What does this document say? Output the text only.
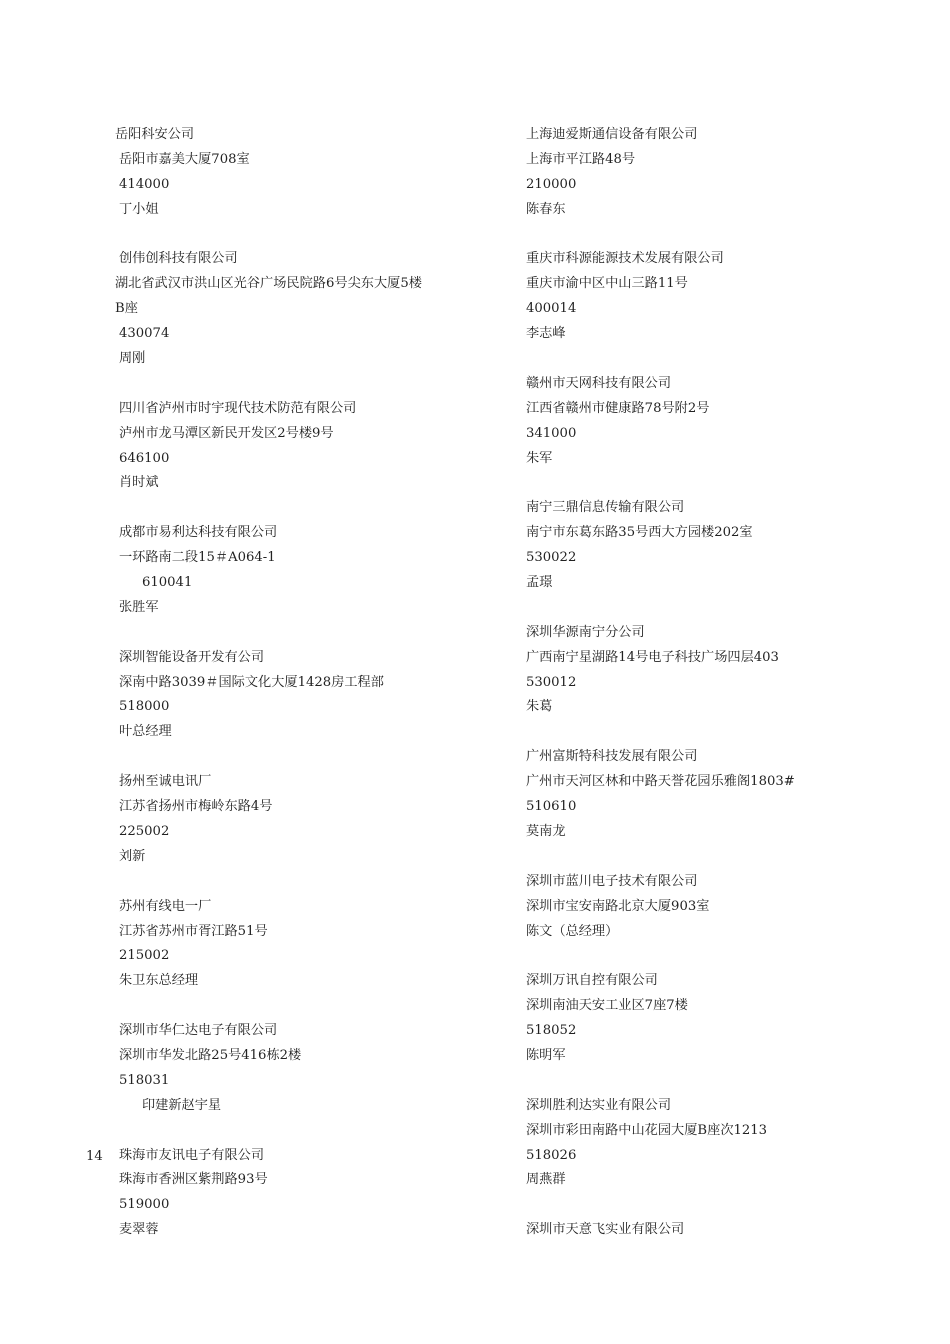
岳阳科安公司
岳阳市嘉美大厦708室
414000
丁小姐
创伟创科技有限公司
湖北省武汉市洪山区光谷广场民院路6号尖东大厦5楼
B座
430074
周刚
四川省泸州市时宇现代技术防范有限公司
泸州市龙马潭区新民开发区2号楼9号
646100
肖时斌
成都市易利达科技有限公司
一环路南二段15＃A064-1
610041
张胜军
深圳智能设备开发有公司
深南中路3039＃国际文化大厦1428房工程部
518000
叶总经理
扬州至诚电讯厂
江苏省扬州市梅岭东路4号
225002
刘新
苏州有线电一厂
江苏省苏州市胥江路51号
215002
朱卫东总经理
深圳市华仁达电子有限公司
深圳市华发北路25号416栋2楼
518031
印建新赵宇星
珠海市友讯电子有限公司
珠海市香洲区紫荆路93号
519000
麦翠蓉
上海迪爱斯通信设备有限公司
上海市平江路48号
210000
陈春东
重庆市科源能源技术发展有限公司
重庆市渝中区中山三路11号
400014
李志峰
赣州市天网科技有限公司
江西省赣州市健康路78号附2号
341000
朱军
南宁三鼎信息传输有限公司
南宁市东葛东路35号西大方园楼202室
530022
孟璟
深圳华源南宁分公司
广西南宁星湖路14号电子科技广场四层403
530012
朱葛
广州富斯特科技发展有限公司
广州市天河区林和中路天誉花园乐雅阁1803#
510610
莫南龙
深圳市蓝川电子技术有限公司
深圳市宝安南路北京大厦903室
陈文（总经理）
深圳万讯自控有限公司
深圳南油天安工业区7座7楼
518052
陈明军
深圳胜利达实业有限公司
深圳市彩田南路中山花园大厦B座次1213
518026
周燕群
深圳市天意飞实业有限公司
14
